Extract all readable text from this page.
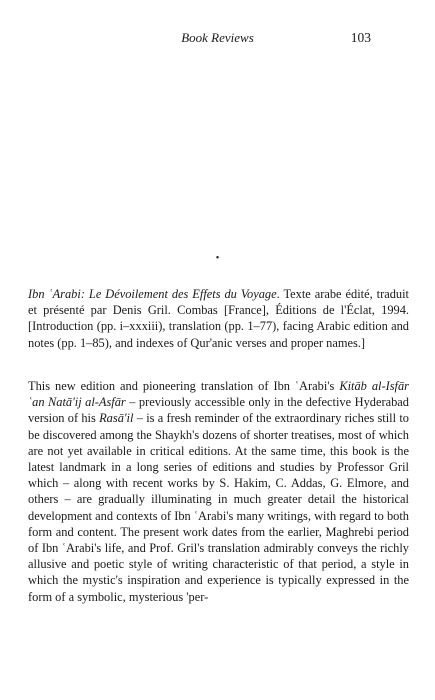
Book Reviews	103
•
Ibn ʿArabi: Le Dévoilement des Effets du Voyage. Texte arabe édité, traduit et présenté par Denis Gril. Combas [France], Éditions de l'Éclat, 1994. [Introduction (pp. i–xxxiii), translation (pp. 1–77), facing Arabic edition and notes (pp. 1–85), and indexes of Qur'anic verses and proper names.]
This new edition and pioneering translation of Ibn ʿArabi's Kitāb al-Isfār ʿan Natā'ij al-Asfār – previously accessible only in the defective Hyderabad version of his Rasā'il – is a fresh reminder of the extraordinary riches still to be discovered among the Shaykh's dozens of shorter treatises, most of which are not yet available in critical editions. At the same time, this book is the latest landmark in a long series of editions and studies by Professor Gril which – along with recent works by S. Hakim, C. Addas, G. Elmore, and others – are gradually illuminating in much greater detail the historical development and contexts of Ibn ʿArabi's many writings, with regard to both form and content. The present work dates from the earlier, Maghrebi period of Ibn ʿArabi's life, and Prof. Gril's translation admirably conveys the richly allusive and poetic style of writing characteristic of that period, a style in which the mystic's inspiration and experience is typically expressed in the form of a symbolic, mysterious 'per-
